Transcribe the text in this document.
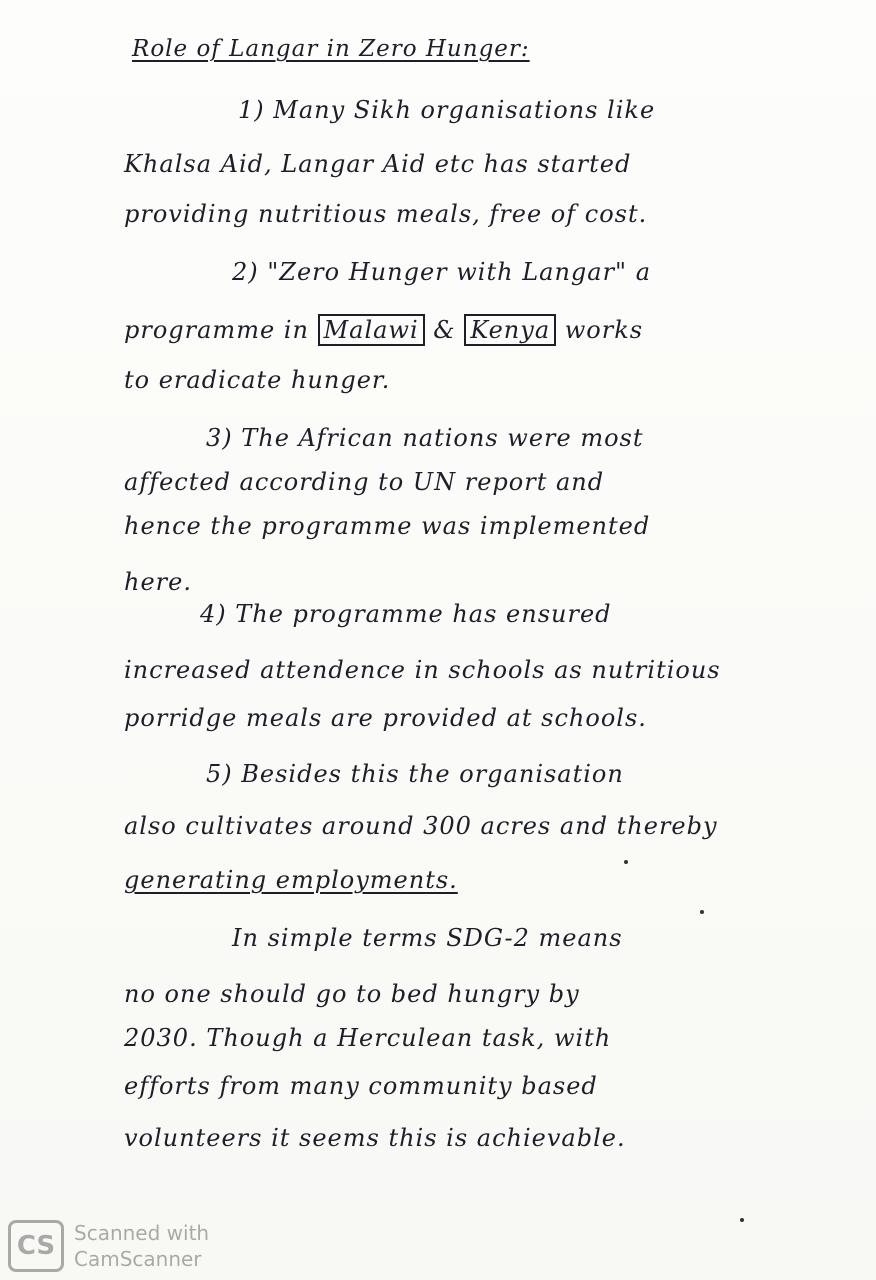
Role of Langar in Zero Hunger:
1) Many Sikh organisations like
Khalsa Aid, Langar Aid etc has started
providing nutritious meals, free of cost.
2) "Zero Hunger with Langar" a
programme in Malawi & Kenya works
to eradicate hunger.
3) The African nations were most
affected according to UN report and
hence the programme was implemented
here.
4) The programme has ensured
increased attendence in schools as nutritious
porridge meals are provided at schools.
5) Besides this the organisation
also cultivates around 300 acres and thereby
generating employments.
In simple terms SDG-2 means
no one should go to bed hungry by
2030. Though a Herculean task, with
efforts from many community based
volunteers it seems this is achievable.
CS Scanned with
CamScanner
